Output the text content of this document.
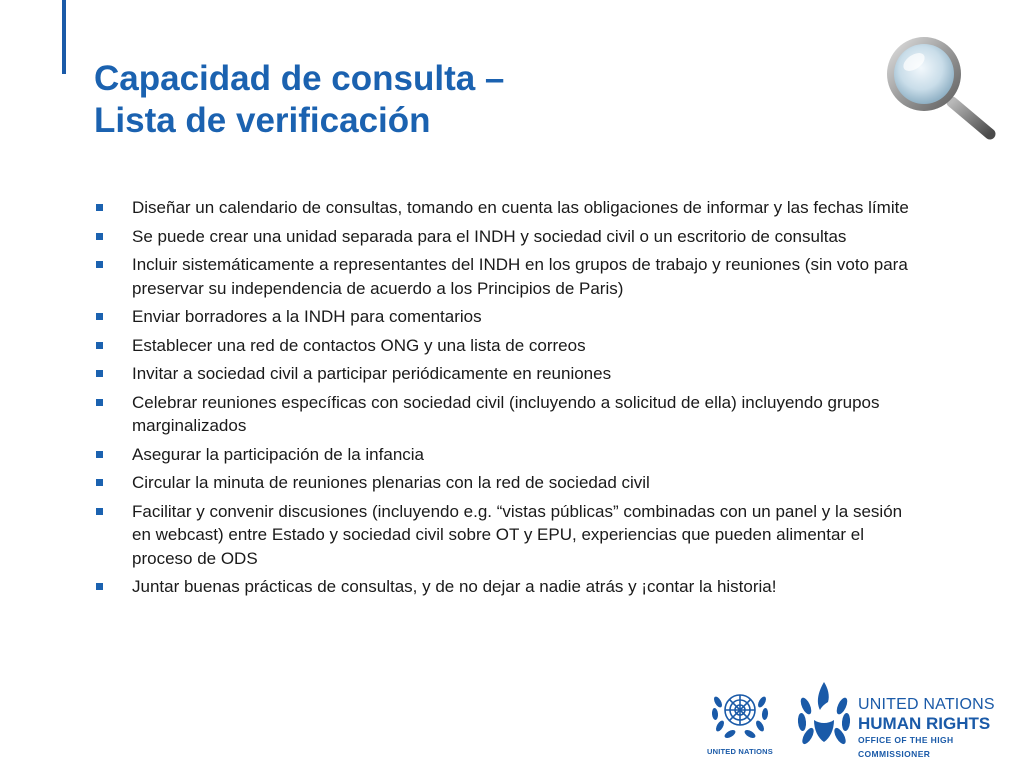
Capacidad de consulta –
Lista de verificación
Diseñar un calendario de consultas, tomando en cuenta las obligaciones de informar y las fechas límite
Se puede crear una unidad separada para el INDH y sociedad civil o un escritorio de consultas
Incluir sistemáticamente a representantes del INDH en los grupos de trabajo y reuniones (sin voto para preservar su independencia de acuerdo a los Principios de Paris)
Enviar borradores a la INDH para comentarios
Establecer una red de contactos ONG y una lista de correos
Invitar a sociedad civil a participar periódicamente en reuniones
Celebrar reuniones específicas con sociedad civil (incluyendo a solicitud de ella) incluyendo grupos marginalizados
Asegurar la participación de la infancia
Circular la minuta de reuniones plenarias con la red de sociedad civil
Facilitar y convenir discusiones (incluyendo e.g. “vistas públicas” combinadas con un panel y la sesión en webcast) entre Estado y sociedad civil sobre OT y EPU, experiencias que pueden alimentar el proceso de ODS
Juntar buenas prácticas de consultas, y de no dejar a nadie atrás y ¡contar la historia!
UNITED NATIONS
UNITED NATIONS
HUMAN RIGHTS
OFFICE OF THE HIGH COMMISSIONER
